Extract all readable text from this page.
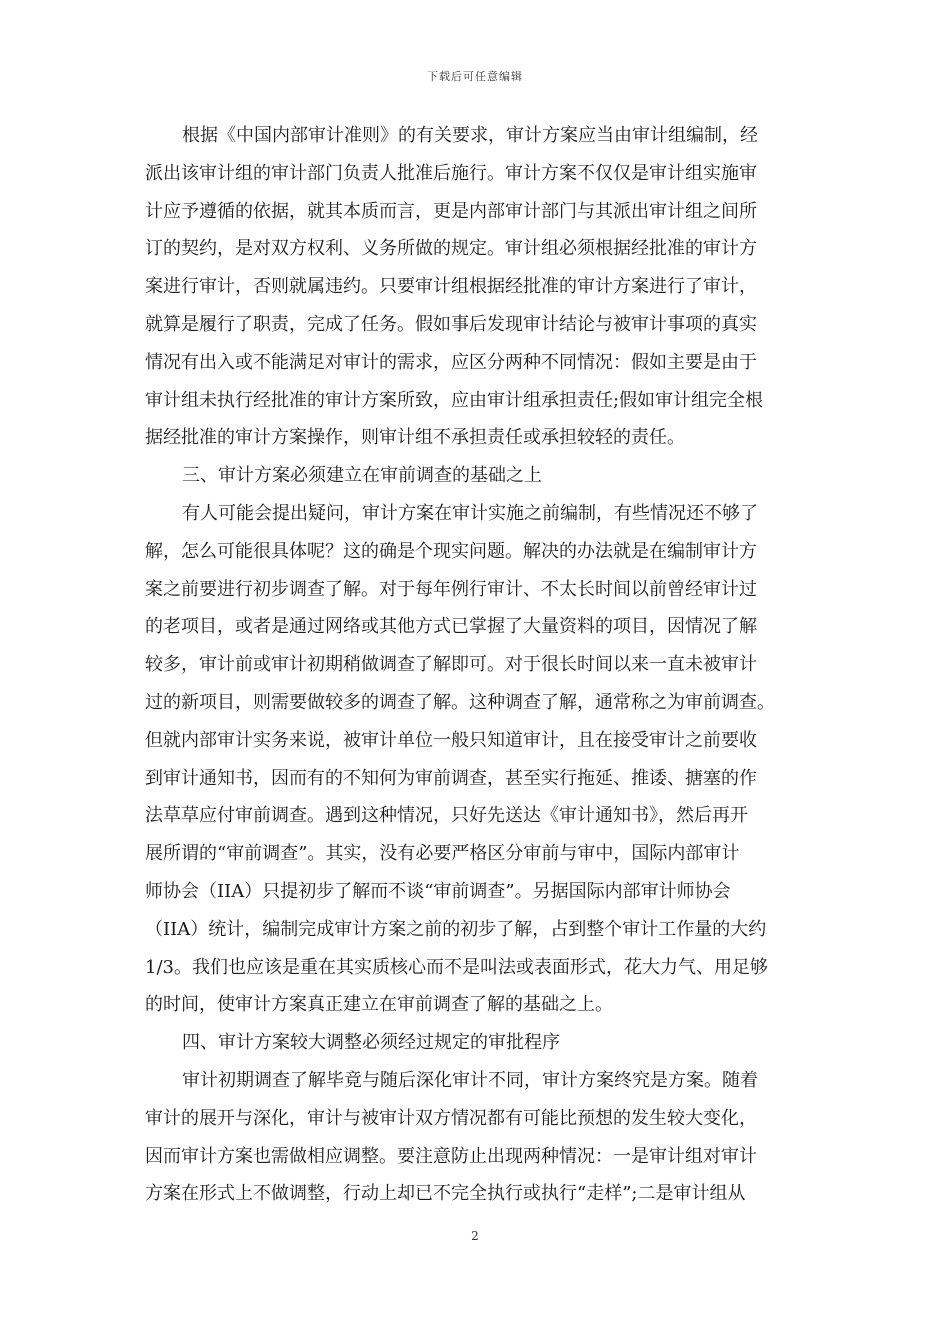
下载后可任意编辑
根据《中国内部审计准则》的有关要求，审计方案应当由审计组编制，经
派出该审计组的审计部门负责人批准后施行。审计方案不仅仅是审计组实施审
计应予遵循的依据，就其本质而言，更是内部审计部门与其派出审计组之间所
订的契约，是对双方权利、义务所做的规定。审计组必须根据经批准的审计方
案进行审计，否则就属违约。只要审计组根据经批准的审计方案进行了审计，
就算是履行了职责，完成了任务。假如事后发现审计结论与被审计事项的真实
情况有出入或不能满足对审计的需求，应区分两种不同情况：假如主要是由于
审计组未执行经批准的审计方案所致，应由审计组承担责任;假如审计组完全根
据经批准的审计方案操作，则审计组不承担责任或承担较轻的责任。
三、审计方案必须建立在审前调查的基础之上
有人可能会提出疑问，审计方案在审计实施之前编制，有些情况还不够了
解，怎么可能很具体呢？这的确是个现实问题。解决的办法就是在编制审计方
案之前要进行初步调查了解。对于每年例行审计、不太长时间以前曾经审计过
的老项目，或者是通过网络或其他方式已掌握了大量资料的项目，因情况了解
较多，审计前或审计初期稍做调查了解即可。对于很长时间以来一直未被审计
过的新项目，则需要做较多的调查了解。这种调查了解，通常称之为审前调查。
但就内部审计实务来说，被审计单位一般只知道审计，且在接受审计之前要收
到审计通知书，因而有的不知何为审前调查，甚至实行拖延、推诿、搪塞的作
法草草应付审前调查。遇到这种情况，只好先送达《审计通知书》，然后再开
展所谓的“审前调查”。其实，没有必要严格区分审前与审中，国际内部审计
师协会（IIA）只提初步了解而不谈“审前调查”。另据国际内部审计师协会
（IIA）统计，编制完成审计方案之前的初步了解，占到整个审计工作量的大约
1/3。我们也应该是重在其实质核心而不是叫法或表面形式，花大力气、用足够
的时间，使审计方案真正建立在审前调查了解的基础之上。
四、审计方案较大调整必须经过规定的审批程序
审计初期调查了解毕竟与随后深化审计不同，审计方案终究是方案。随着
审计的展开与深化，审计与被审计双方情况都有可能比预想的发生较大变化，
因而审计方案也需做相应调整。要注意防止出现两种情况：一是审计组对审计
方案在形式上不做调整，行动上却已不完全执行或执行“走样”;二是审计组从
2
